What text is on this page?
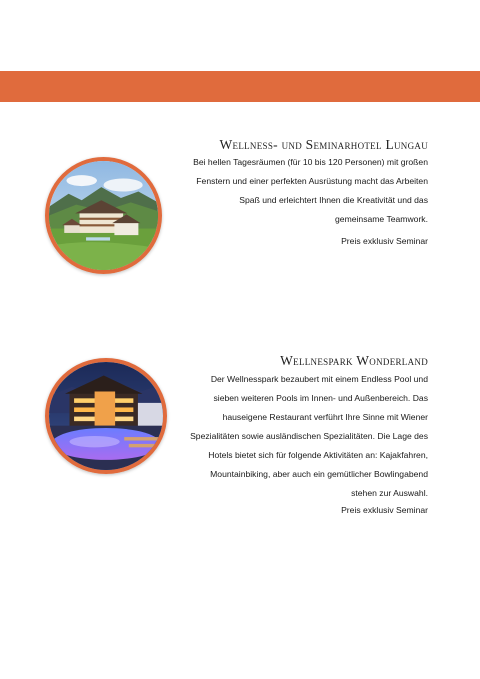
Wellness- und Seminarhotel Lungau
Bei hellen Tagesräumen (für 10 bis 120 Personen) mit großen
Fenstern und einer perfekten Ausrüstung macht das Arbeiten
Spaß und erleichtert Ihnen die Kreativität und das
gemeinsame Teamwork.

Preis exklusiv Seminar

Wellnespark Wonderland
Der Wellnesspark bezaubert mit einem Endless Pool und
sieben weiteren Pools im Innen- und Außenbereich. Das
hauseigene Restaurant verführt Ihre Sinne mit Wiener
Spezialitäten sowie ausländischen Spezialitäten. Die Lage des
Hotels bietet sich für folgende Aktivitäten an: Kajakfahren,
Mountainbiking, aber auch ein gemütlicher Bowlingabend
stehen zur Auswahl.

Preis exklusiv Seminar
